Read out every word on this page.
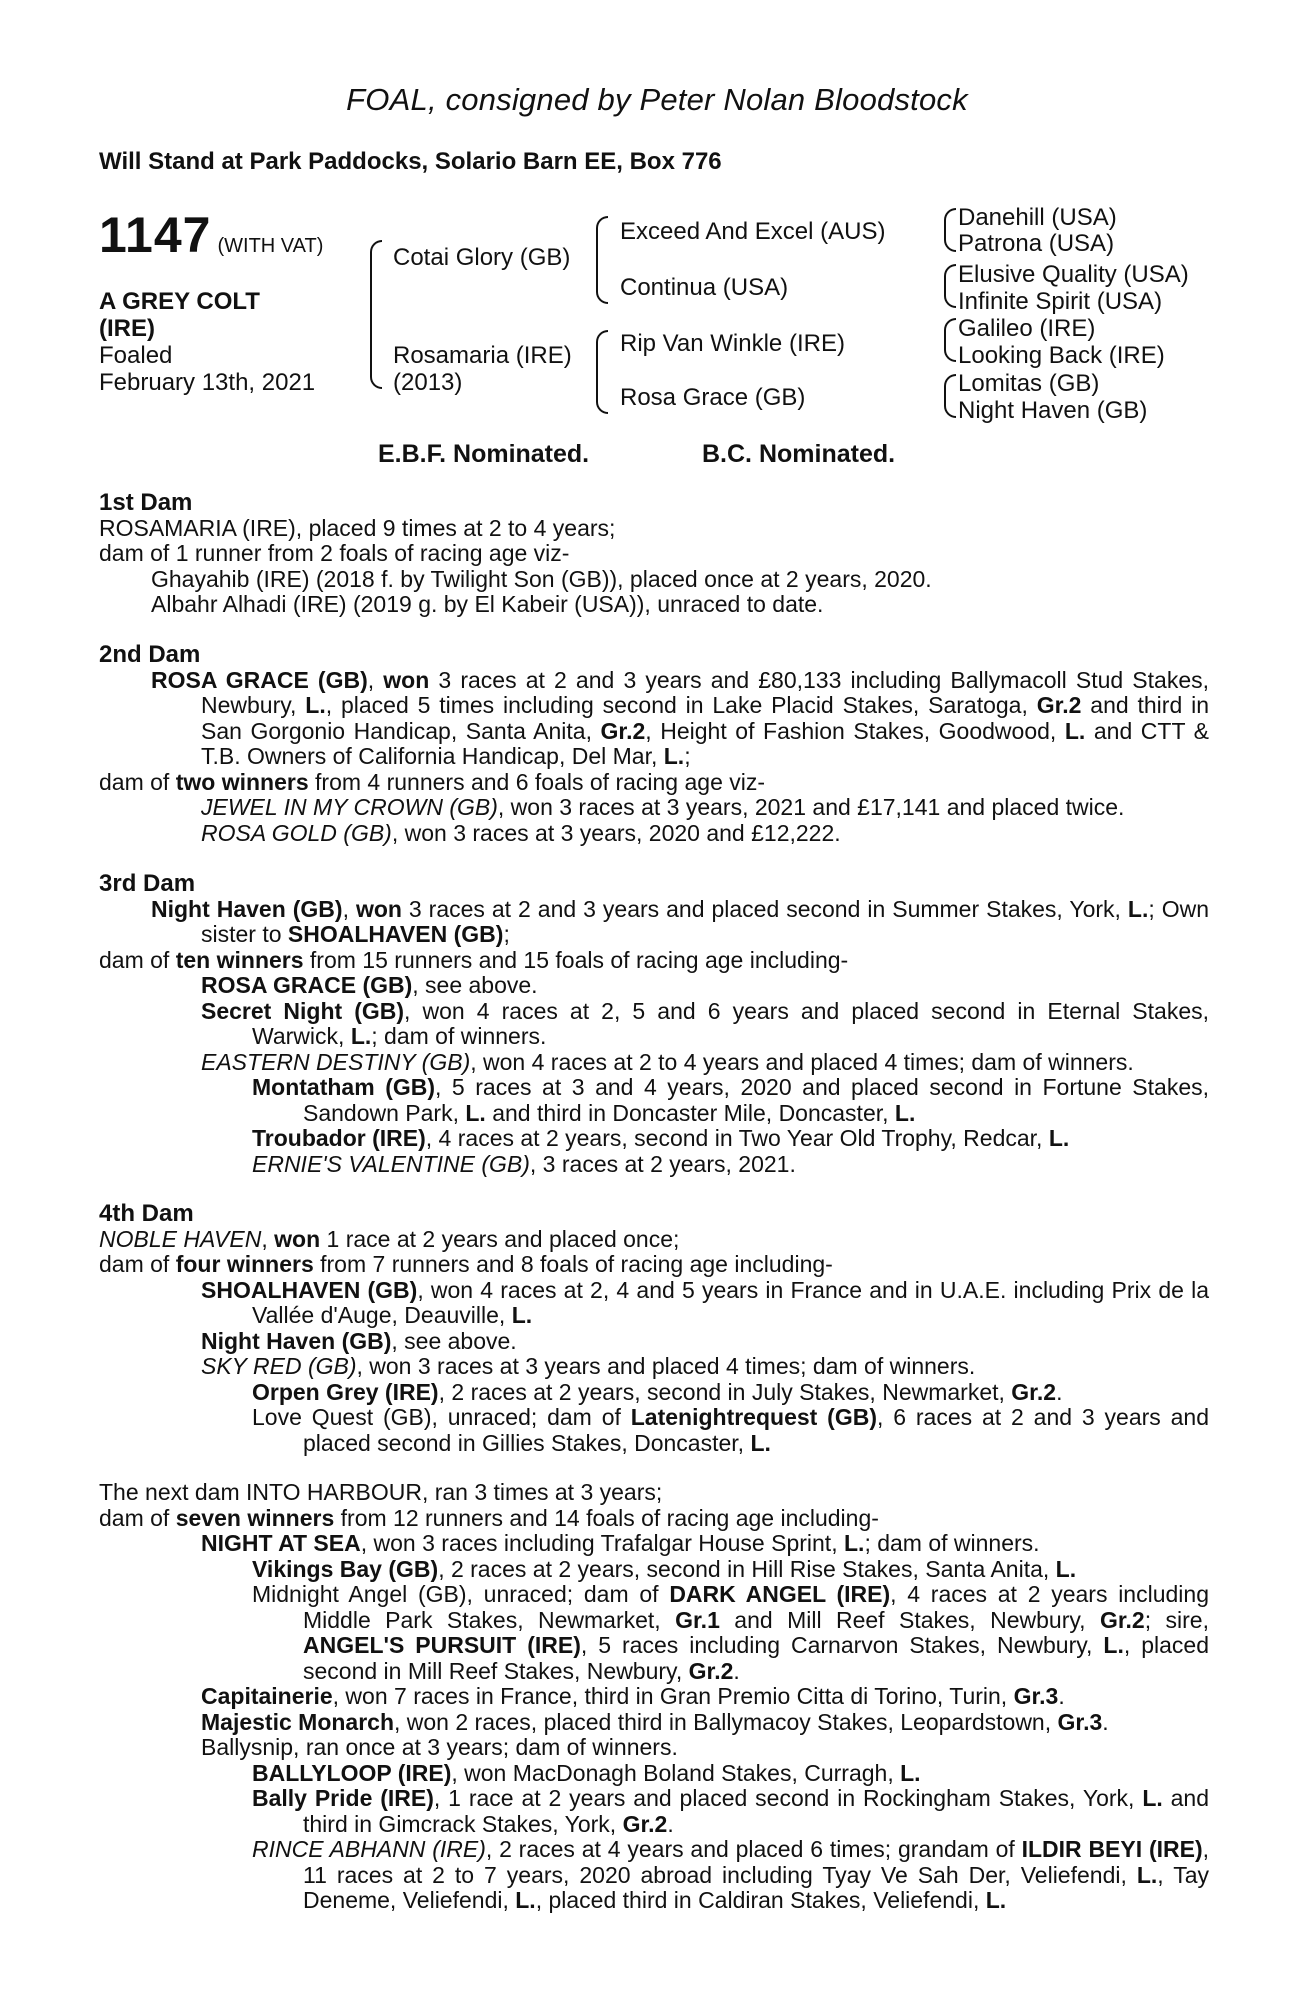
FOAL, consigned by Peter Nolan Bloodstock
Will Stand at Park Paddocks, Solario Barn EE, Box 776
1147 (WITH VAT)
A GREY COLT
(IRE)
Foaled
February 13th, 2021
Cotai Glory (GB)
Rosamaria (IRE)
(2013)
Exceed And Excel (AUS)
Continua (USA)
Rip Van Winkle (IRE)
Rosa Grace (GB)
Danehill (USA)
Patrona (USA)
Elusive Quality (USA)
Infinite Spirit (USA)
Galileo (IRE)
Looking Back (IRE)
Lomitas (GB)
Night Haven (GB)
E.B.F. Nominated.	B.C. Nominated.

1st Dam

ROSAMARIA (IRE), placed 9 times at 2 to 4 years;

dam of 1 runner from 2 foals of racing age viz-

Ghayahib (IRE) (2018 f. by Twilight Son (GB)), placed once at 2 years, 2020.

Albahr Alhadi (IRE) (2019 g. by El Kabeir (USA)), unraced to date.

2nd Dam

ROSA GRACE (GB), won 3 races at 2 and 3 years and £80,133 including Ballymacoll Stud Stakes, Newbury, L., placed 5 times including second in Lake Placid Stakes, Saratoga, Gr.2 and third in San Gorgonio Handicap, Santa Anita, Gr.2, Height of Fashion Stakes, Goodwood, L. and CTT & T.B. Owners of California Handicap, Del Mar, L.;

dam of two winners from 4 runners and 6 foals of racing age viz-

JEWEL IN MY CROWN (GB), won 3 races at 3 years, 2021 and £17,141 and placed twice.

ROSA GOLD (GB), won 3 races at 3 years, 2020 and £12,222.

3rd Dam

Night Haven (GB), won 3 races at 2 and 3 years and placed second in Summer Stakes, York, L.; Own sister to SHOALHAVEN (GB);

dam of ten winners from 15 runners and 15 foals of racing age including-

ROSA GRACE (GB), see above.

Secret Night (GB), won 4 races at 2, 5 and 6 years and placed second in Eternal Stakes, Warwick, L.; dam of winners.

EASTERN DESTINY (GB), won 4 races at 2 to 4 years and placed 4 times; dam of winners.

Montatham (GB), 5 races at 3 and 4 years, 2020 and placed second in Fortune Stakes, Sandown Park, L. and third in Doncaster Mile, Doncaster, L.

Troubador (IRE), 4 races at 2 years, second in Two Year Old Trophy, Redcar, L.

ERNIE'S VALENTINE (GB), 3 races at 2 years, 2021.

4th Dam

NOBLE HAVEN, won 1 race at 2 years and placed once;

dam of four winners from 7 runners and 8 foals of racing age including-

SHOALHAVEN (GB), won 4 races at 2, 4 and 5 years in France and in U.A.E. including Prix de la Vallée d'Auge, Deauville, L.

Night Haven (GB), see above.

SKY RED (GB), won 3 races at 3 years and placed 4 times; dam of winners.

Orpen Grey (IRE), 2 races at 2 years, second in July Stakes, Newmarket, Gr.2.

Love Quest (GB), unraced; dam of Latenightrequest (GB), 6 races at 2 and 3 years and placed second in Gillies Stakes, Doncaster, L.

The next dam INTO HARBOUR, ran 3 times at 3 years;

dam of seven winners from 12 runners and 14 foals of racing age including-

NIGHT AT SEA, won 3 races including Trafalgar House Sprint, L.; dam of winners.

Vikings Bay (GB), 2 races at 2 years, second in Hill Rise Stakes, Santa Anita, L.

Midnight Angel (GB), unraced; dam of DARK ANGEL (IRE), 4 races at 2 years including Middle Park Stakes, Newmarket, Gr.1 and Mill Reef Stakes, Newbury, Gr.2; sire, ANGEL'S PURSUIT (IRE), 5 races including Carnarvon Stakes, Newbury, L., placed second in Mill Reef Stakes, Newbury, Gr.2.

Capitainerie, won 7 races in France, third in Gran Premio Citta di Torino, Turin, Gr.3.

Majestic Monarch, won 2 races, placed third in Ballymacoy Stakes, Leopardstown, Gr.3.

Ballysnip, ran once at 3 years; dam of winners.

BALLYLOOP (IRE), won MacDonagh Boland Stakes, Curragh, L.

Bally Pride (IRE), 1 race at 2 years and placed second in Rockingham Stakes, York, L. and third in Gimcrack Stakes, York, Gr.2.

RINCE ABHANN (IRE), 2 races at 4 years and placed 6 times; grandam of ILDIR BEYI (IRE), 11 races at 2 to 7 years, 2020 abroad including Tyay Ve Sah Der, Veliefendi, L., Tay Deneme, Veliefendi, L., placed third in Caldiran Stakes, Veliefendi, L.
